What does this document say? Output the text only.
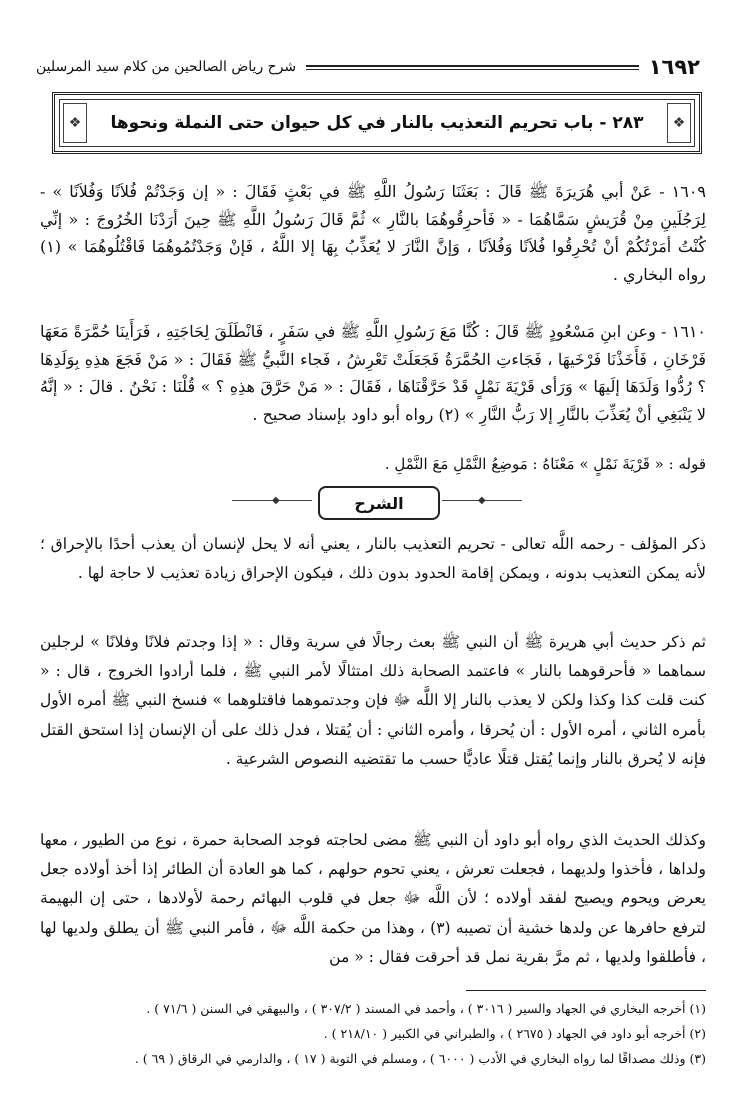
١٦٩٢
شرح رياض الصالحين من كلام سيد المرسلين
❖
٢٨٣ - باب تحريم التعذيب بالنار في كل حيوان حتى النملة ونحوها
❖

١٦٠٩ - عَنْ أبي هُرَيرَةَ ﷺ قَالَ : بَعَثَنَا رَسُولُ اللَّهِ ﷺ في بَعْثٍ فَقَالَ : « إن وَجَدْتُمْ فُلاَنًا وَفُلاَنًا » - لِرَجُلَينِ مِنْ قُرَيشٍ سَمَّاهُمَا - « فَأحرِقُوهُمَا بالنَّارِ » ثُمَّ قَالَ رَسُولُ اللَّهِ ﷺ حِينَ أرَدْنَا الخُرُوجَ : « إنِّي كُنْتُ أمَرْتُكُمْ أنْ تُحْرِقُوا فُلاَنًا وَفُلاَنًا ، وَإنَّ النَّارَ لا يُعَذِّبُ بِهَا إلا اللَّهُ ، فَإنْ وَجَدْتُمُوهُمَا فَاقْتُلُوهُمَا » (١) رواه البخاري .

١٦١٠ - وعن ابنِ مَسْعُودٍ ﷺ قَالَ : كُنَّا مَعَ رَسُولِ اللَّهِ ﷺ في سَفَرٍ ، فَانْطَلَقَ لِحَاجَتِهِ ، فَرَأَينَا حُمَّرَةً مَعَهَا فَرْخَانِ ، فَأَخَذْنَا فَرْخَيهَا ، فَجَاءتِ الحُمَّرَةُ فَجَعَلَتْ تَعْرِشُ ، فَجاء النَّبيُّ ﷺ فَقَالَ : « مَنْ فَجَعَ هذِهِ بِوَلَدِهَا ؟ رُدُّوا وَلَدَهَا إلَيهَا » وَرَأى قَرْيَةَ نَمْلٍ قَدْ حَرَّقْنَاهَا ، فَقَالَ : « مَنْ حَرَّقَ هذِهِ ؟ » قُلْنَا : نَحْنُ . قالَ : « إنَّهُ لا يَنْبَغِي أنْ يُعَذِّبَ بالنَّارِ إلا رَبُّ النَّارِ » (٢) رواه أبو داود بإسناد صحيح .

قوله : « قَرْيَةَ نَمْلٍ » مَعْنَاهُ : مَوضِعُ النَّمْلِ مَعَ النَّمْلِ .

◆	◆
الشرح

ذكر المؤلف - رحمه اللَّه تعالى - تحريم التعذيب بالنار ، يعني أنه لا يحل لإنسان أن يعذب أحدًا بالإحراق ؛ لأنه يمكن التعذيب بدونه ، ويمكن إقامة الحدود بدون ذلك ، فيكون الإحراق زيادة تعذيب لا حاجة لها .

ثم ذكر حديث أبي هريرة ﷺ أن النبي ﷺ بعث رجالًا في سرية وقال : « إذا وجدتم فلانًا وفلانًا » لرجلين سماهما « فأحرقوهما بالنار » فاعتمد الصحابة ذلك امتثالًا لأمر النبي ﷺ ، فلما أرادوا الخروج ، قال : « كنت قلت كذا وكذا ولكن لا يعذب بالنار إلا اللَّه ﷻ فإن وجدتموهما فاقتلوهما » فنسخ النبي ﷺ أمره الأول بأمره الثاني ، أمره الأول : أن يُحرقا ، وأمره الثاني : أن يُقتلا ، فدل ذلك على أن الإنسان إذا استحق القتل فإنه لا يُحرق بالنار وإنما يُقتل قتلًا عاديًّا حسب ما تقتضيه النصوص الشرعية .

وكذلك الحديث الذي رواه أبو داود أن النبي ﷺ مضى لحاجته فوجد الصحابة حمرة ، نوع من الطيور ، معها ولداها ، فأخذوا ولديهما ، فجعلت تعرش ، يعني تحوم حولهم ، كما هو العادة أن الطائر إذا أخذ أولاده جعل يعرض ويحوم ويصيح لفقد أولاده ؛ لأن اللَّه ﷻ جعل في قلوب البهائم رحمة لأولادها ، حتى إن البهيمة لترفع حافرها عن ولدها خشية أن تصيبه (٣) ، وهذا من حكمة اللَّه ﷻ ، فأمر النبي ﷺ أن يطلق ولديها لها ، فأطلقوا ولديها ، ثم مرَّ بقرية نمل قد أحرقت فقال : « من

(١) أخرجه البخاري في الجهاد والسير ( ٣٠١٦ ) ، وأحمد في المسند ( ٣٠٧/٢ ) ، والبيهقي في السنن ( ٧١/٦ ) .
(٢) أخرجه أبو داود في الجهاد ( ٢٦٧٥ ) ، والطبراني في الكبير ( ٢١٨/١٠ ) .
(٣) وذلك مصداقًا لما رواه البخاري في الأدب ( ٦٠٠٠ ) ، ومسلم في التوبة ( ١٧ ) ، والدارمي في الرقاق ( ٦٩ ) .
